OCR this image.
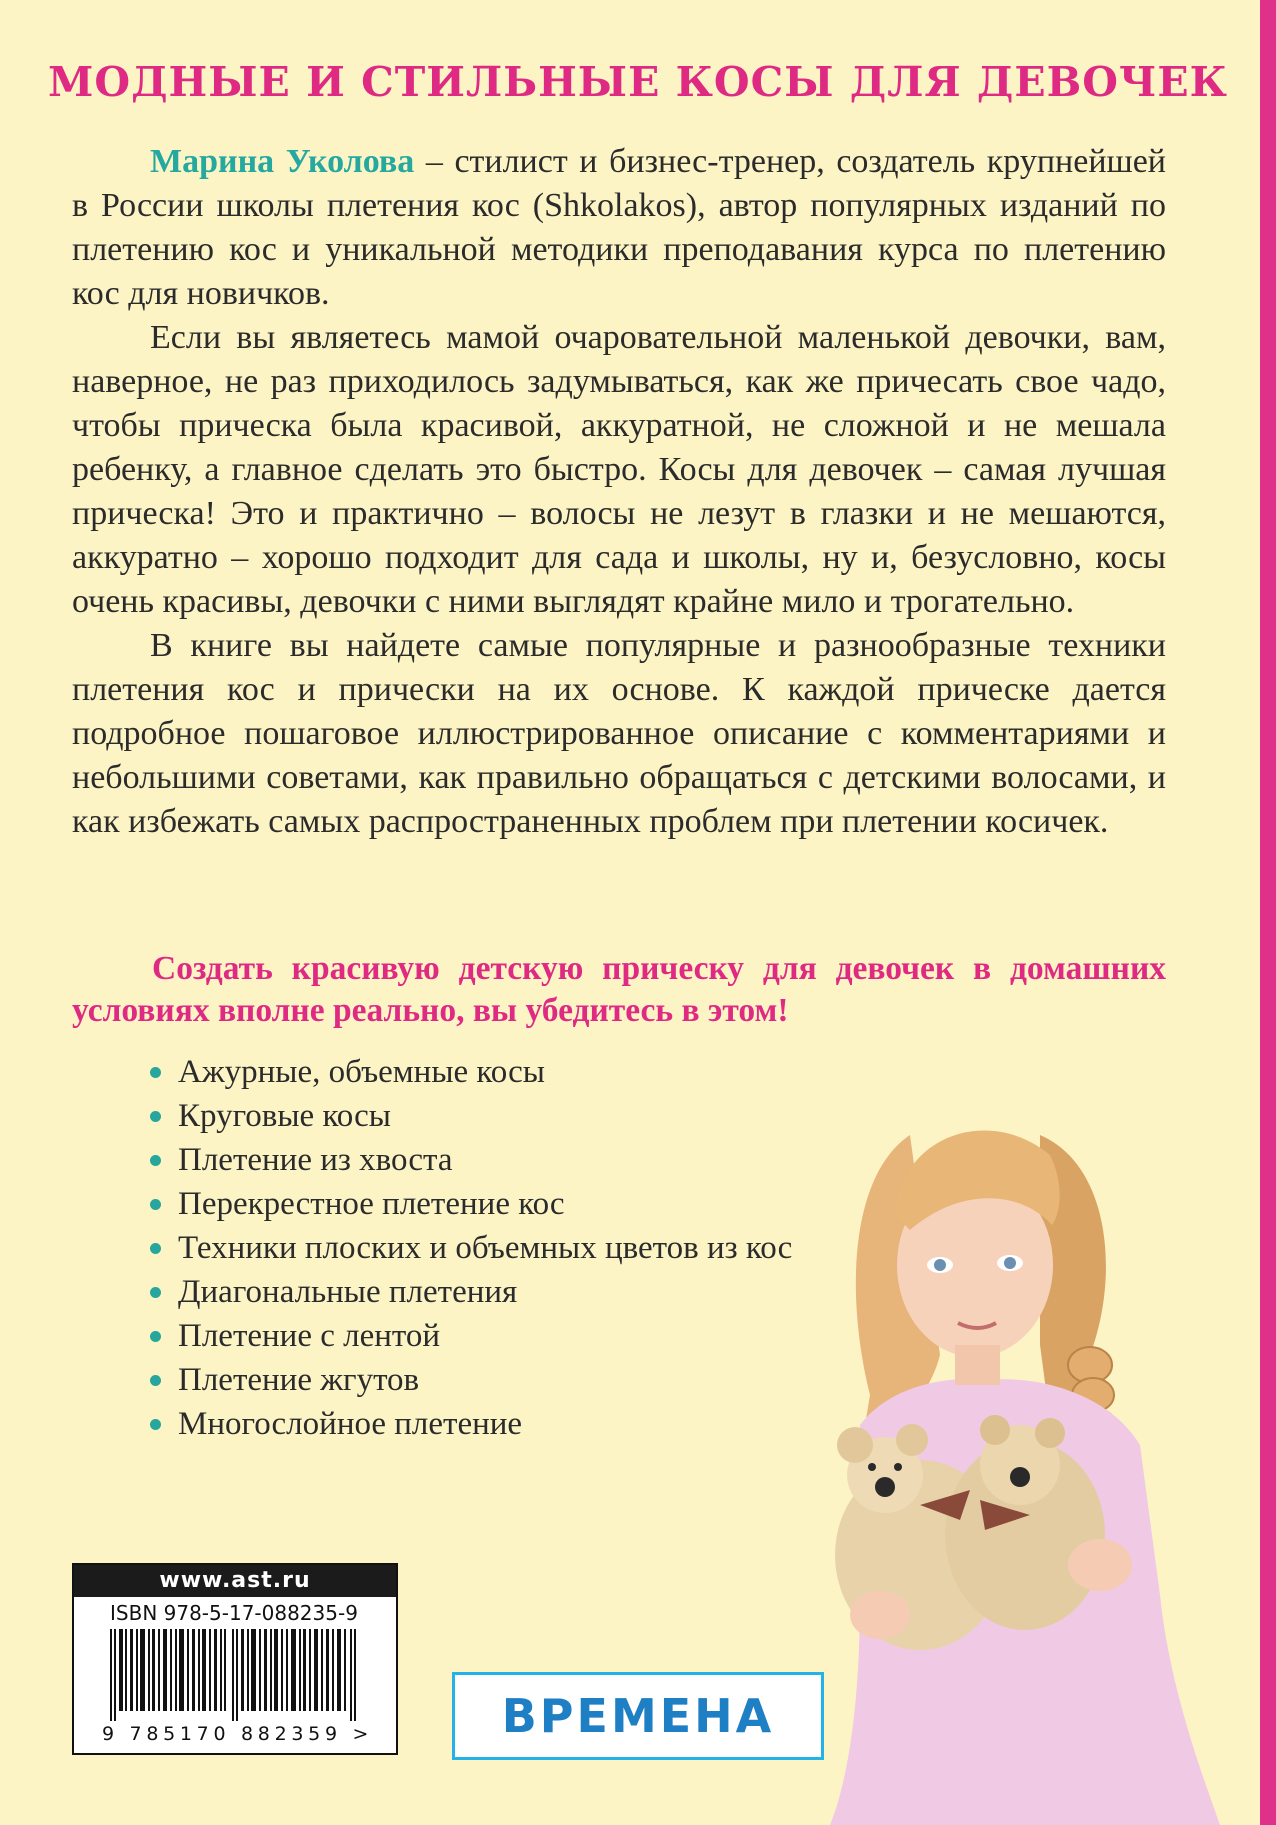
МОДНЫЕ И СТИЛЬНЫЕ КОСЫ ДЛЯ ДЕВОЧЕК

Марина Уколова – стилист и бизнес-тренер, создатель крупнейшей в России школы плетения кос (Shkolakos), автор популярных изданий по плетению кос и уникальной методики преподавания курса по плетению кос для новичков.

Если вы являетесь мамой очаровательной маленькой девочки, вам, наверное, не раз приходилось задумываться, как же причесать свое чадо, чтобы прическа была красивой, аккуратной, не сложной и не мешала ребенку, а главное сделать это быстро. Косы для девочек – самая лучшая прическа! Это и практично – волосы не лезут в глазки и не мешаются, аккуратно – хорошо подходит для сада и школы, ну и, безусловно, косы очень красивы, девочки с ними выглядят крайне мило и трогательно.

В книге вы найдете самые популярные и разнообразные техники плетения кос и прически на их основе. К каждой прическе дается подробное пошаговое иллюстрированное описание с комментариями и небольшими советами, как правильно обращаться с детскими волосами, и как избежать самых распространенных проблем при плетении косичек.

Создать красивую детскую прическу для девочек в домашних условиях вполне реально, вы убедитесь в этом!
Ажурные, объемные косы
Круговые косы
Плетение из хвоста
Перекрестное плетение кос
Техники плоских и объемных цветов из кос
Диагональные плетения
Плетение с лентой
Плетение жгутов
Многослойное плетение
www.ast.ru
ISBN 978-5-17-088235-9
9 785170 882359 >	ВРЕМЕНА
